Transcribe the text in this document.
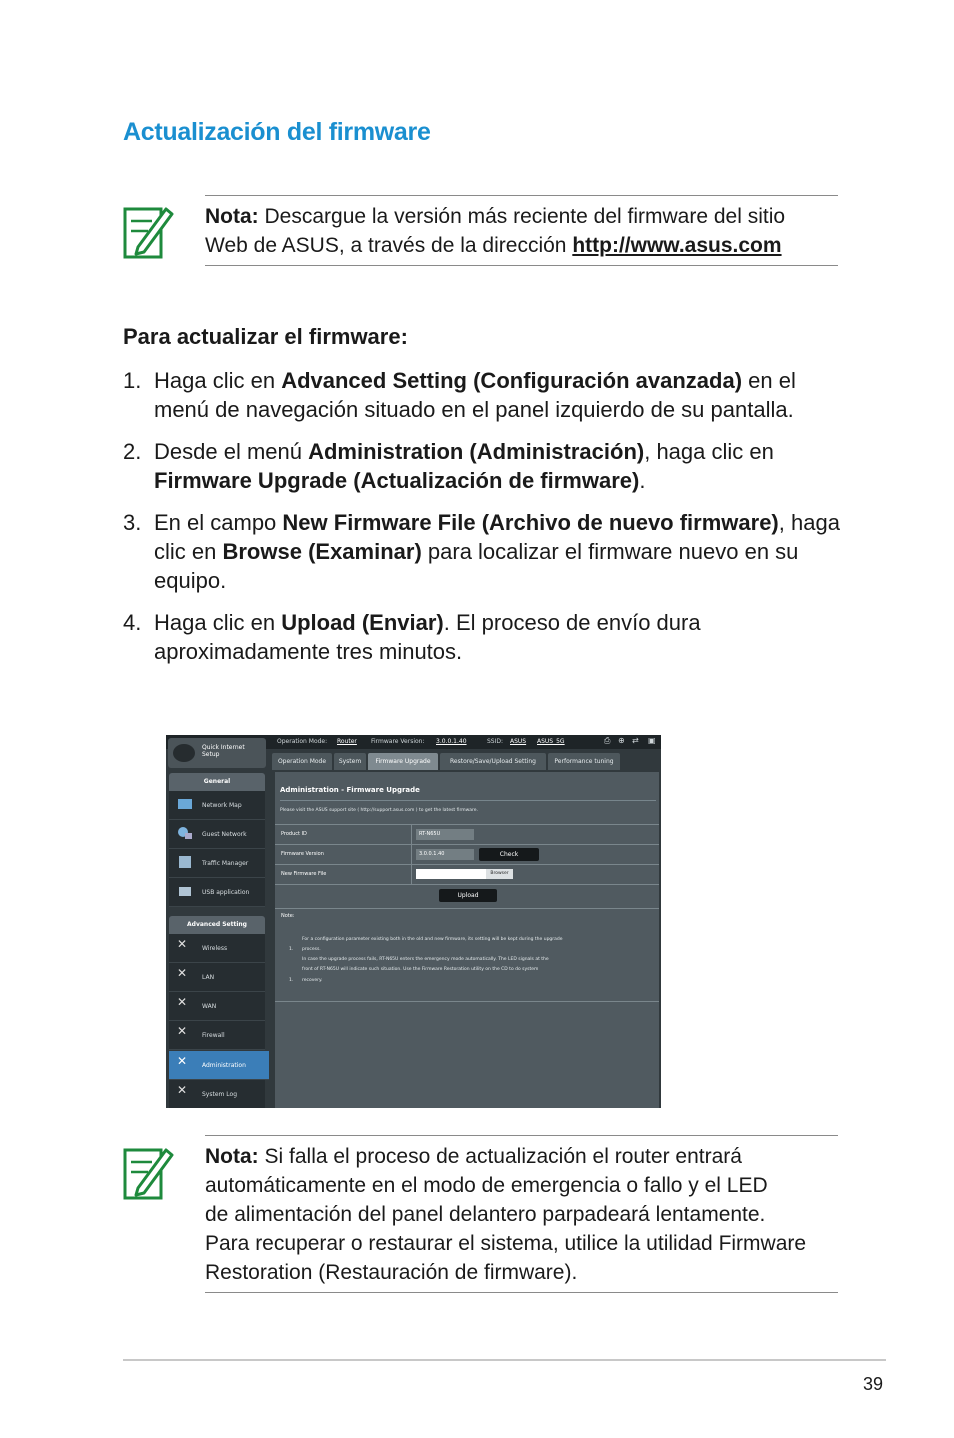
Actualización del firmware
Nota: Descargue la versión más reciente del firmware del sitio
Web de ASUS, a través de la dirección http://www.asus.com
Para actualizar el firmware:
1. Haga clic en Advanced Setting (Configuración avanzada) en el menú de navegación situado en el panel izquierdo de su pantalla.
2. Desde el menú Administration (Administración), haga clic en Firmware Upgrade (Actualización de firmware).
3. En el campo New Firmware File (Archivo de nuevo firmware), haga clic en Browse (Examinar) para localizar el firmware nuevo en su equipo.
4. Haga clic en Upload (Enviar). El proceso de envío dura aproximadamente tres minutos.
Operation Mode: Router Firmware Version: 3.0.0.1.40	SSID: ASUS ASUS_5G	⎙ ⊕ ⇄ ▣
Quick Internet
Setup
General
Network Map
Guest Network
Traffic Manager
USB application
Advanced Setting
✕	Wireless
✕	LAN
✕	WAN
✕	Firewall
✕	Administration
✕	System Log
Operation Mode	System	Firmware Upgrade	Restore/Save/Upload Setting	Performance tuning
Administration - Firmware Upgrade
Please visit the ASUS support site ( http://support.asus.com ) to get the latest firmware.
Product ID	RT-N65U
Firmware Version	3.0.0.1.40	Check
New Firmware File	Browser
Upload
Note:
For a configuration parameter existing both in the old and new firmware, its setting will be kept during the upgrade
1. process.
In case the upgrade process fails, RT-N65U enters the emergency mode automatically. The LED signals at the
front of RT-N65U will indicate such situation. Use the Firmware Restoration utility on the CD to do system
1. recovery.
Nota: Si falla el proceso de actualización el router entrará
automáticamente en el modo de emergencia o fallo y el LED
de alimentación del panel delantero parpadeará lentamente.
Para recuperar o restaurar el sistema, utilice la utilidad Firmware
Restoration (Restauración de firmware).
39
